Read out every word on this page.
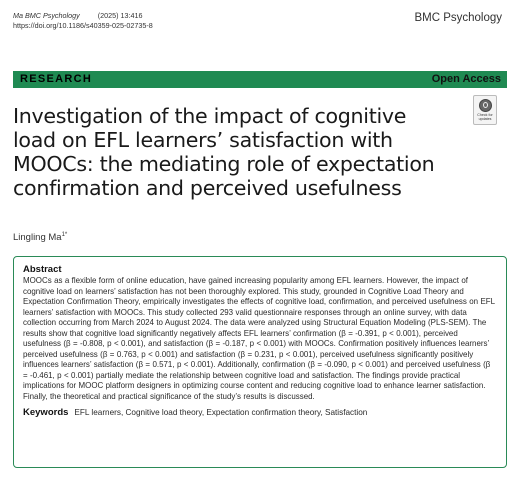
Ma BMC Psychology	(2025) 13:416
https://doi.org/10.1186/s40359-025-02735-8
BMC Psychology
RESEARCH	Open Access
Investigation of the impact of cognitive load on EFL learners’ satisfaction with MOOCs: the mediating role of expectation confirmation and perceived usefulness
Check for
updates
Lingling $Ma^{1*}$
Abstract
MOOCs as a flexible form of online education, have gained increasing popularity among EFL learners. However, the impact of cognitive load on learners’ satisfaction has not been thoroughly explored. This study, grounded in Cognitive Load Theory and Expectation Confirmation Theory, empirically investigates the effects of cognitive load, confirmation, and perceived usefulness on EFL learners’ satisfaction with MOOCs. This study collected 293 valid questionnaire responses through an online survey, with data collection occurring from March 2024 to August 2024. The data were analyzed using Structural Equation Modeling (PLS-SEM). The results show that cognitive load significantly negatively affects EFL learners’ confirmation (β = -0.391, p < 0.001), perceived usefulness (β = -0.808, p < 0.001), and satisfaction (β = -0.187, p < 0.001) with MOOCs. Confirmation positively influences learners’ perceived usefulness (β = 0.763, p < 0.001) and satisfaction (β = 0.231, p < 0.001), perceived usefulness significantly positively influences learners’ satisfaction (β = 0.571, p < 0.001). Additionally, confirmation (β = -0.090, p < 0.001) and perceived usefulness (β = -0.461, p < 0.001) partially mediate the relationship between cognitive load and satisfaction. The findings provide practical implications for MOOC platform designers in optimizing course content and reducing cognitive load to enhance learner satisfaction. Finally, the theoretical and practical significance of the study’s results is discussed.
Keywords EFL learners, Cognitive load theory, Expectation confirmation theory, Satisfaction
